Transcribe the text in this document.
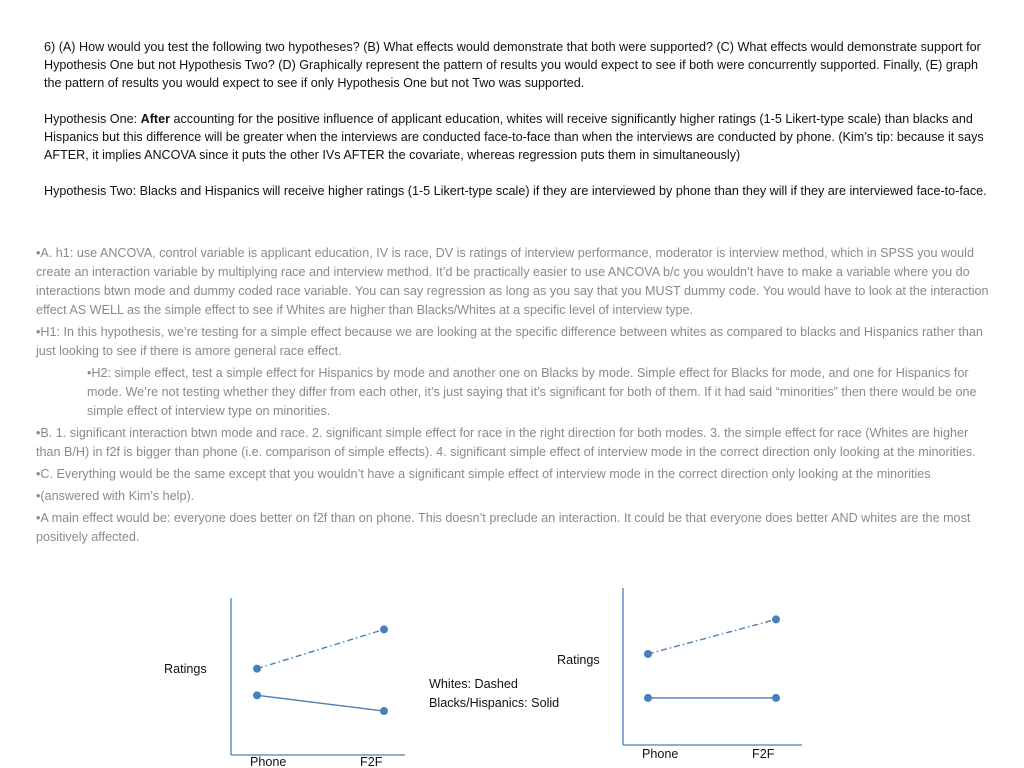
6) (A) How would you test the following two hypotheses? (B) What effects would demonstrate that both were supported? (C) What effects would demonstrate support for Hypothesis One but not Hypothesis Two? (D) Graphically represent the pattern of results you would expect to see if both were concurrently supported. Finally, (E) graph the pattern of results you would expect to see if only Hypothesis One but not Two was supported.

Hypothesis One: After accounting for the positive influence of applicant education, whites will receive significantly higher ratings (1-5 Likert-type scale) than blacks and Hispanics but this difference will be greater when the interviews are conducted face-to-face than when the interviews are conducted by phone. (Kim’s tip: because it says AFTER, it implies ANCOVA since it puts the other IVs AFTER the covariate, whereas regression puts them in simultaneously)

Hypothesis Two: Blacks and Hispanics will receive higher ratings (1-5 Likert-type scale) if they are interviewed by phone than they will if they are interviewed face-to-face.

•A. h1: use ANCOVA, control variable is applicant education, IV is race, DV is ratings of interview performance, moderator is interview method, which in SPSS you would create an interaction variable by multiplying race and interview method. It’d be practically easier to use ANCOVA b/c you wouldn’t have to make a variable where you do interactions btwn mode and dummy coded race variable. You can say regression as long as you say that you MUST dummy code. You would have to look at the interaction effect AS WELL as the simple effect to see if Whites are higher than Blacks/Whites at a specific level of interview type.

•H1: In this hypothesis, we’re testing for a simple effect because we are looking at the specific difference between whites as compared to blacks and Hispanics rather than just looking to see if there is amore general race effect.

•H2: simple effect, test a simple effect for Hispanics by mode and another one on Blacks by mode. Simple effect for Blacks for mode, and one for Hispanics for mode. We’re not testing whether they differ from each other, it’s just saying that it’s significant for both of them. If it had said “minorities” then there would be one simple effect of interview type on minorities.

•B. 1. significant interaction btwn mode and race. 2. significant simple effect for race in the right direction for both modes. 3. the simple effect for race (Whites are higher than B/H) in f2f is bigger than phone (i.e. comparison of simple effects). 4. significant simple effect of interview mode in the correct direction only looking at the minorities.

•C. Everything would be the same except that you wouldn’t have a significant simple effect of interview mode in the correct direction only looking at the minorities

•(answered with Kim’s help).

•A main effect would be: everyone does better on f2f than on phone. This doesn’t preclude an interaction. It could be that everyone does better AND whites are the most positively affected.

Ratings
Phone	F2F
Whites: Dashed
Blacks/Hispanics: Solid
Ratings
Phone	F2F
